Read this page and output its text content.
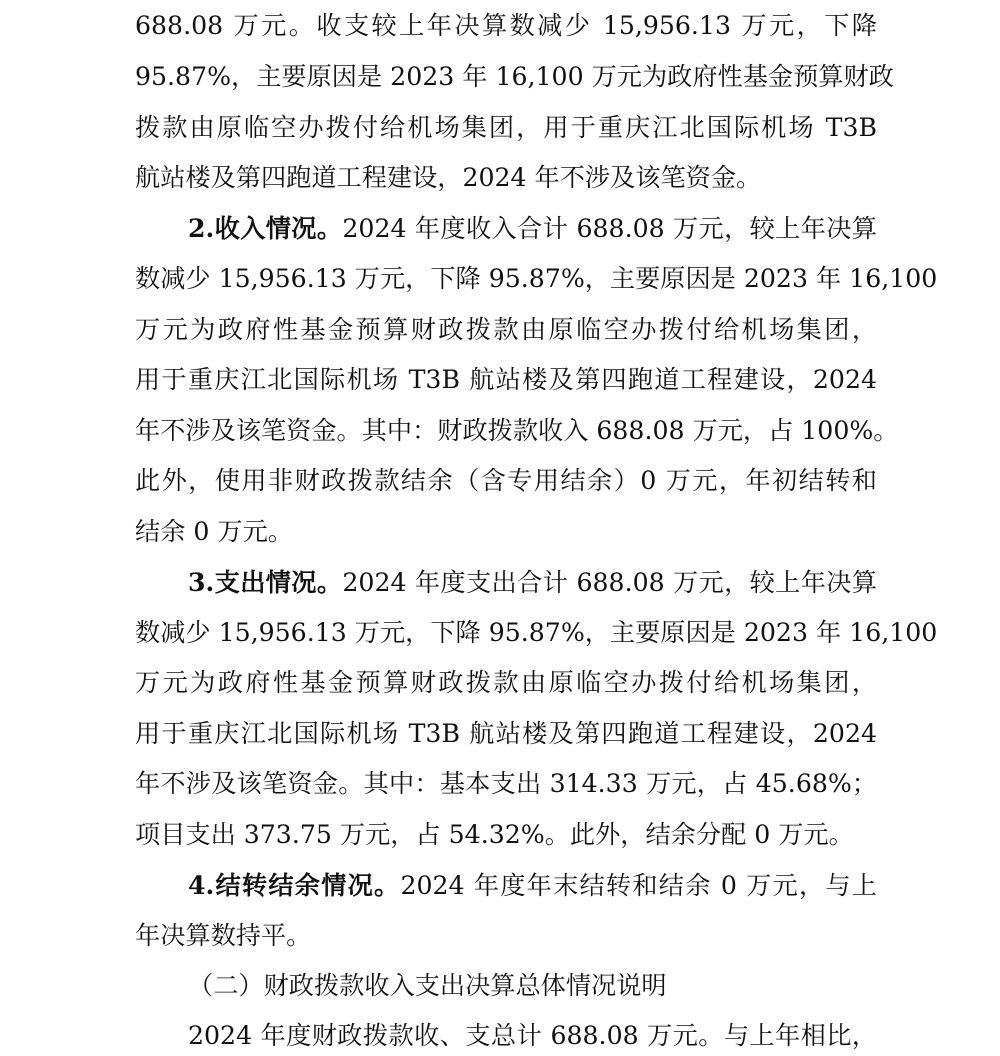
688.08 万元。收支较上年决算数减少 15,956.13 万元，下降
95.87%，主要原因是 2023 年 16,100 万元为政府性基金预算财政
拨款由原临空办拨付给机场集团，用于重庆江北国际机场 T3B
航站楼及第四跑道工程建设，2024 年不涉及该笔资金。
2.收入情况。2024 年度收入合计 688.08 万元，较上年决算
数减少 15,956.13 万元，下降 95.87%，主要原因是 2023 年 16,100
万元为政府性基金预算财政拨款由原临空办拨付给机场集团，
用于重庆江北国际机场 T3B 航站楼及第四跑道工程建设，2024
年不涉及该笔资金。其中：财政拨款收入 688.08 万元，占 100%。
此外，使用非财政拨款结余（含专用结余）0 万元，年初结转和
结余 0 万元。
3.支出情况。2024 年度支出合计 688.08 万元，较上年决算
数减少 15,956.13 万元，下降 95.87%，主要原因是 2023 年 16,100
万元为政府性基金预算财政拨款由原临空办拨付给机场集团，
用于重庆江北国际机场 T3B 航站楼及第四跑道工程建设，2024
年不涉及该笔资金。其中：基本支出 314.33 万元，占 45.68%；
项目支出 373.75 万元，占 54.32%。此外，结余分配 0 万元。
4.结转结余情况。2024 年度年末结转和结余 0 万元，与上
年决算数持平。
（二）财政拨款收入支出决算总体情况说明
2024 年度财政拨款收、支总计 688.08 万元。与上年相比，
